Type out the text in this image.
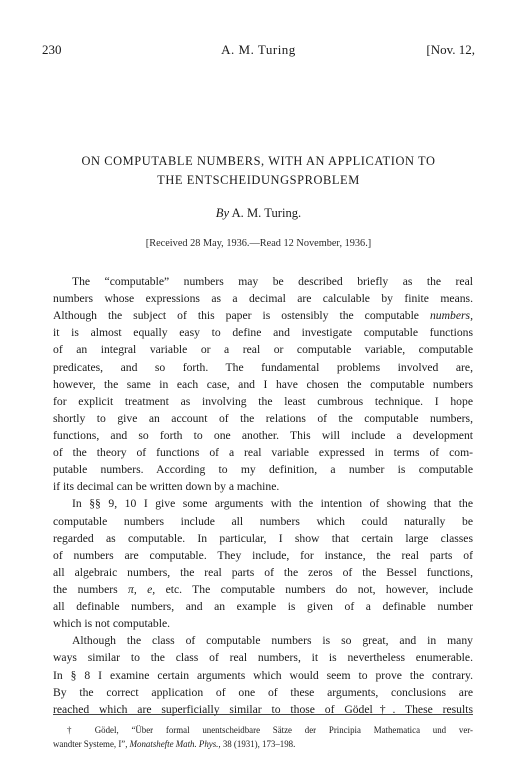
230	A. M. Turing	[Nov. 12,
ON COMPUTABLE NUMBERS, WITH AN APPLICATION TO
THE ENTSCHEIDUNGSPROBLEM
By A. M. Turing.
[Received 28 May, 1936.—Read 12 November, 1936.]
The “computable” numbers may be described briefly as the real
numbers whose expressions as a decimal are calculable by finite means.
Although the subject of this paper is ostensibly the computable numbers,
it is almost equally easy to define and investigate computable functions
of an integral variable or a real or computable variable, computable
predicates, and so forth. The fundamental problems involved are,
however, the same in each case, and I have chosen the computable numbers
for explicit treatment as involving the least cumbrous technique. I hope
shortly to give an account of the relations of the computable numbers,
functions, and so forth to one another. This will include a development
of the theory of functions of a real variable expressed in terms of com-
putable numbers. According to my definition, a number is computable
if its decimal can be written down by a machine.
In §§ 9, 10 I give some arguments with the intention of showing that the
computable numbers include all numbers which could naturally be
regarded as computable. In particular, I show that certain large classes
of numbers are computable. They include, for instance, the real parts of
all algebraic numbers, the real parts of the zeros of the Bessel functions,
the numbers π, e, etc. The computable numbers do not, however, include
all definable numbers, and an example is given of a definable number
which is not computable.
Although the class of computable numbers is so great, and in many
ways similar to the class of real numbers, it is nevertheless enumerable.
In § 8 I examine certain arguments which would seem to prove the contrary.
By the correct application of one of these arguments, conclusions are
reached which are superficially similar to those of Gödel†. These results
† Gödel, “Über formal unentscheidbare Sätze der Principia Mathematica und ver-
wandter Systeme, I”, Monatshefte Math. Phys., 38 (1931), 173–198.
